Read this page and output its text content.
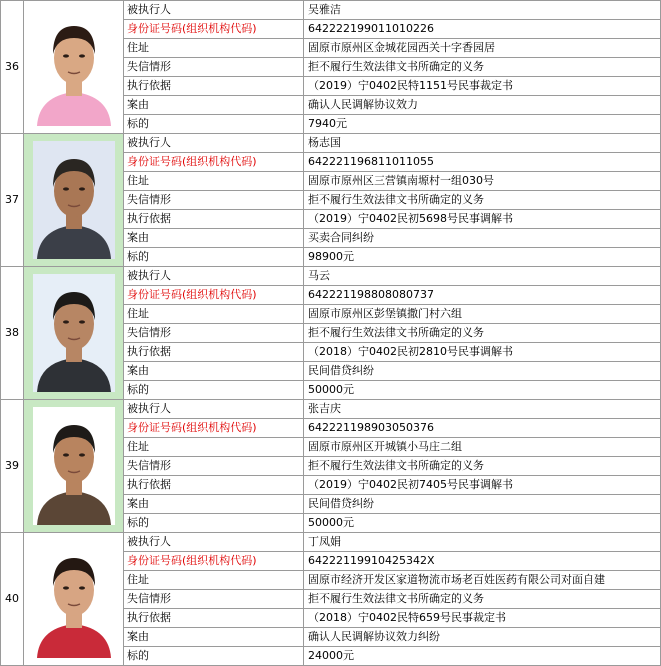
36		被执行人	吴雅洁
		身份证号码(组织机构代码)	642222199011010226
		住址	固原市原州区金城花园西关十字香园居
		失信情形	拒不履行生效法律文书所确定的义务
		执行依据	（2019）宁0402民特1151号民事裁定书
		案由	确认人民调解协议效力
		标的	7940元
37		被执行人	杨志国
		身份证号码(组织机构代码)	642221196811011055
		住址	固原市原州区三营镇南塬村一组030号
		失信情形	拒不履行生效法律文书所确定的义务
		执行依据	（2019）宁0402民初5698号民事调解书
		案由	买卖合同纠纷
		标的	98900元
38		被执行人	马云
		身份证号码(组织机构代码)	642221198808080737
		住址	固原市原州区彭堡镇撒门村六组
		失信情形	拒不履行生效法律文书所确定的义务
		执行依据	（2018）宁0402民初2810号民事调解书
		案由	民间借贷纠纷
		标的	50000元
39		被执行人	张吉庆
		身份证号码(组织机构代码)	642221198903050376
		住址	固原市原州区开城镇小马庄二组
		失信情形	拒不履行生效法律文书所确定的义务
		执行依据	（2019）宁0402民初7405号民事调解书
		案由	民间借贷纠纷
		标的	50000元
40		被执行人	丁凤娟
		身份证号码(组织机构代码)	64222119910425342X
		住址	固原市经济开发区家道物流市场老百姓医药有限公司对面自建
		失信情形	拒不履行生效法律文书所确定的义务
		执行依据	（2018）宁0402民特659号民事裁定书
		案由	确认人民调解协议效力纠纷
		标的	24000元
